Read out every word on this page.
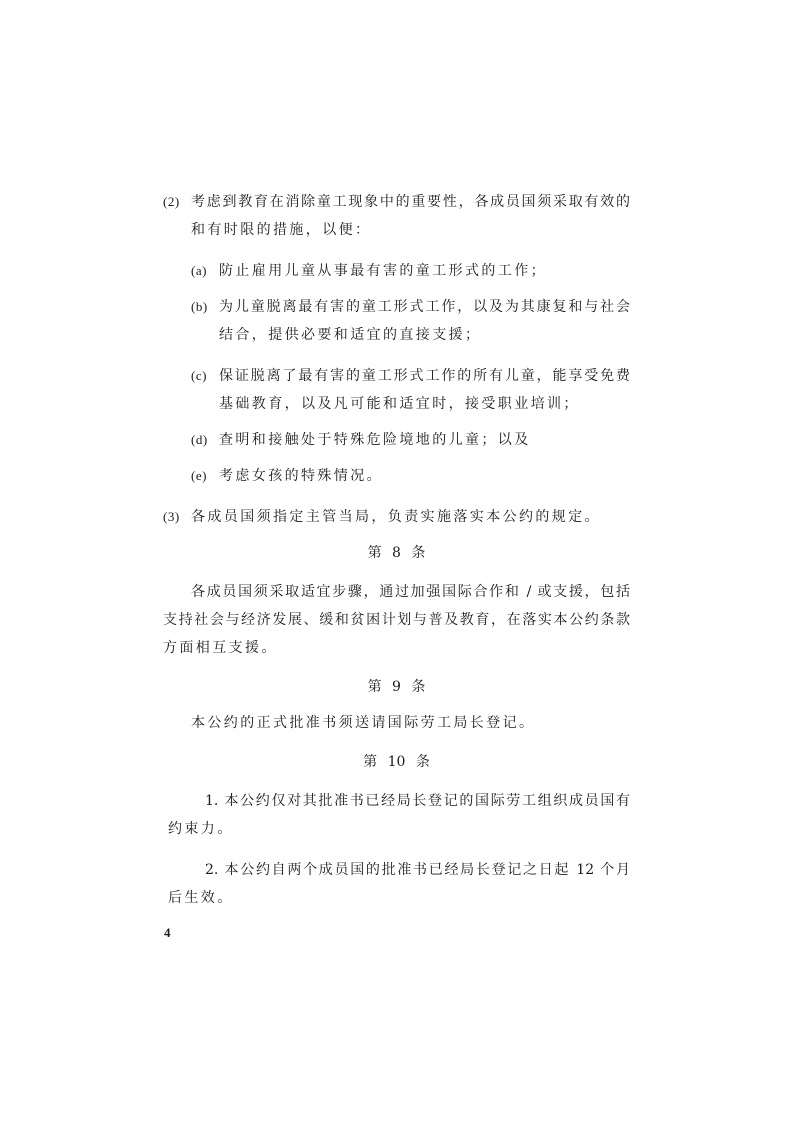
(2) 考虑到教育在消除童工现象中的重要性，各成员国须采取有效的
和有时限的措施，以便：
(a) 防止雇用儿童从事最有害的童工形式的工作；
(b) 为儿童脱离最有害的童工形式工作，以及为其康复和与社会
结合，提供必要和适宜的直接支援；
(c) 保证脱离了最有害的童工形式工作的所有儿童，能享受免费
基础教育，以及凡可能和适宜时，接受职业培训；
(d) 查明和接触处于特殊危险境地的儿童；以及
(e) 考虑女孩的特殊情况。
(3) 各成员国须指定主管当局，负责实施落实本公约的规定。
第 8 条
各成员国须采取适宜步骤，通过加强国际合作和 / 或支援，包括
支持社会与经济发展、缓和贫困计划与普及教育，在落实本公约条款
方面相互支援。
第 9 条
本公约的正式批准书须送请国际劳工局长登记。
第 10 条
1. 本公约仅对其批准书已经局长登记的国际劳工组织成员国有
约束力。
2. 本公约自两个成员国的批准书已经局长登记之日起 12 个月
后生效。
4
